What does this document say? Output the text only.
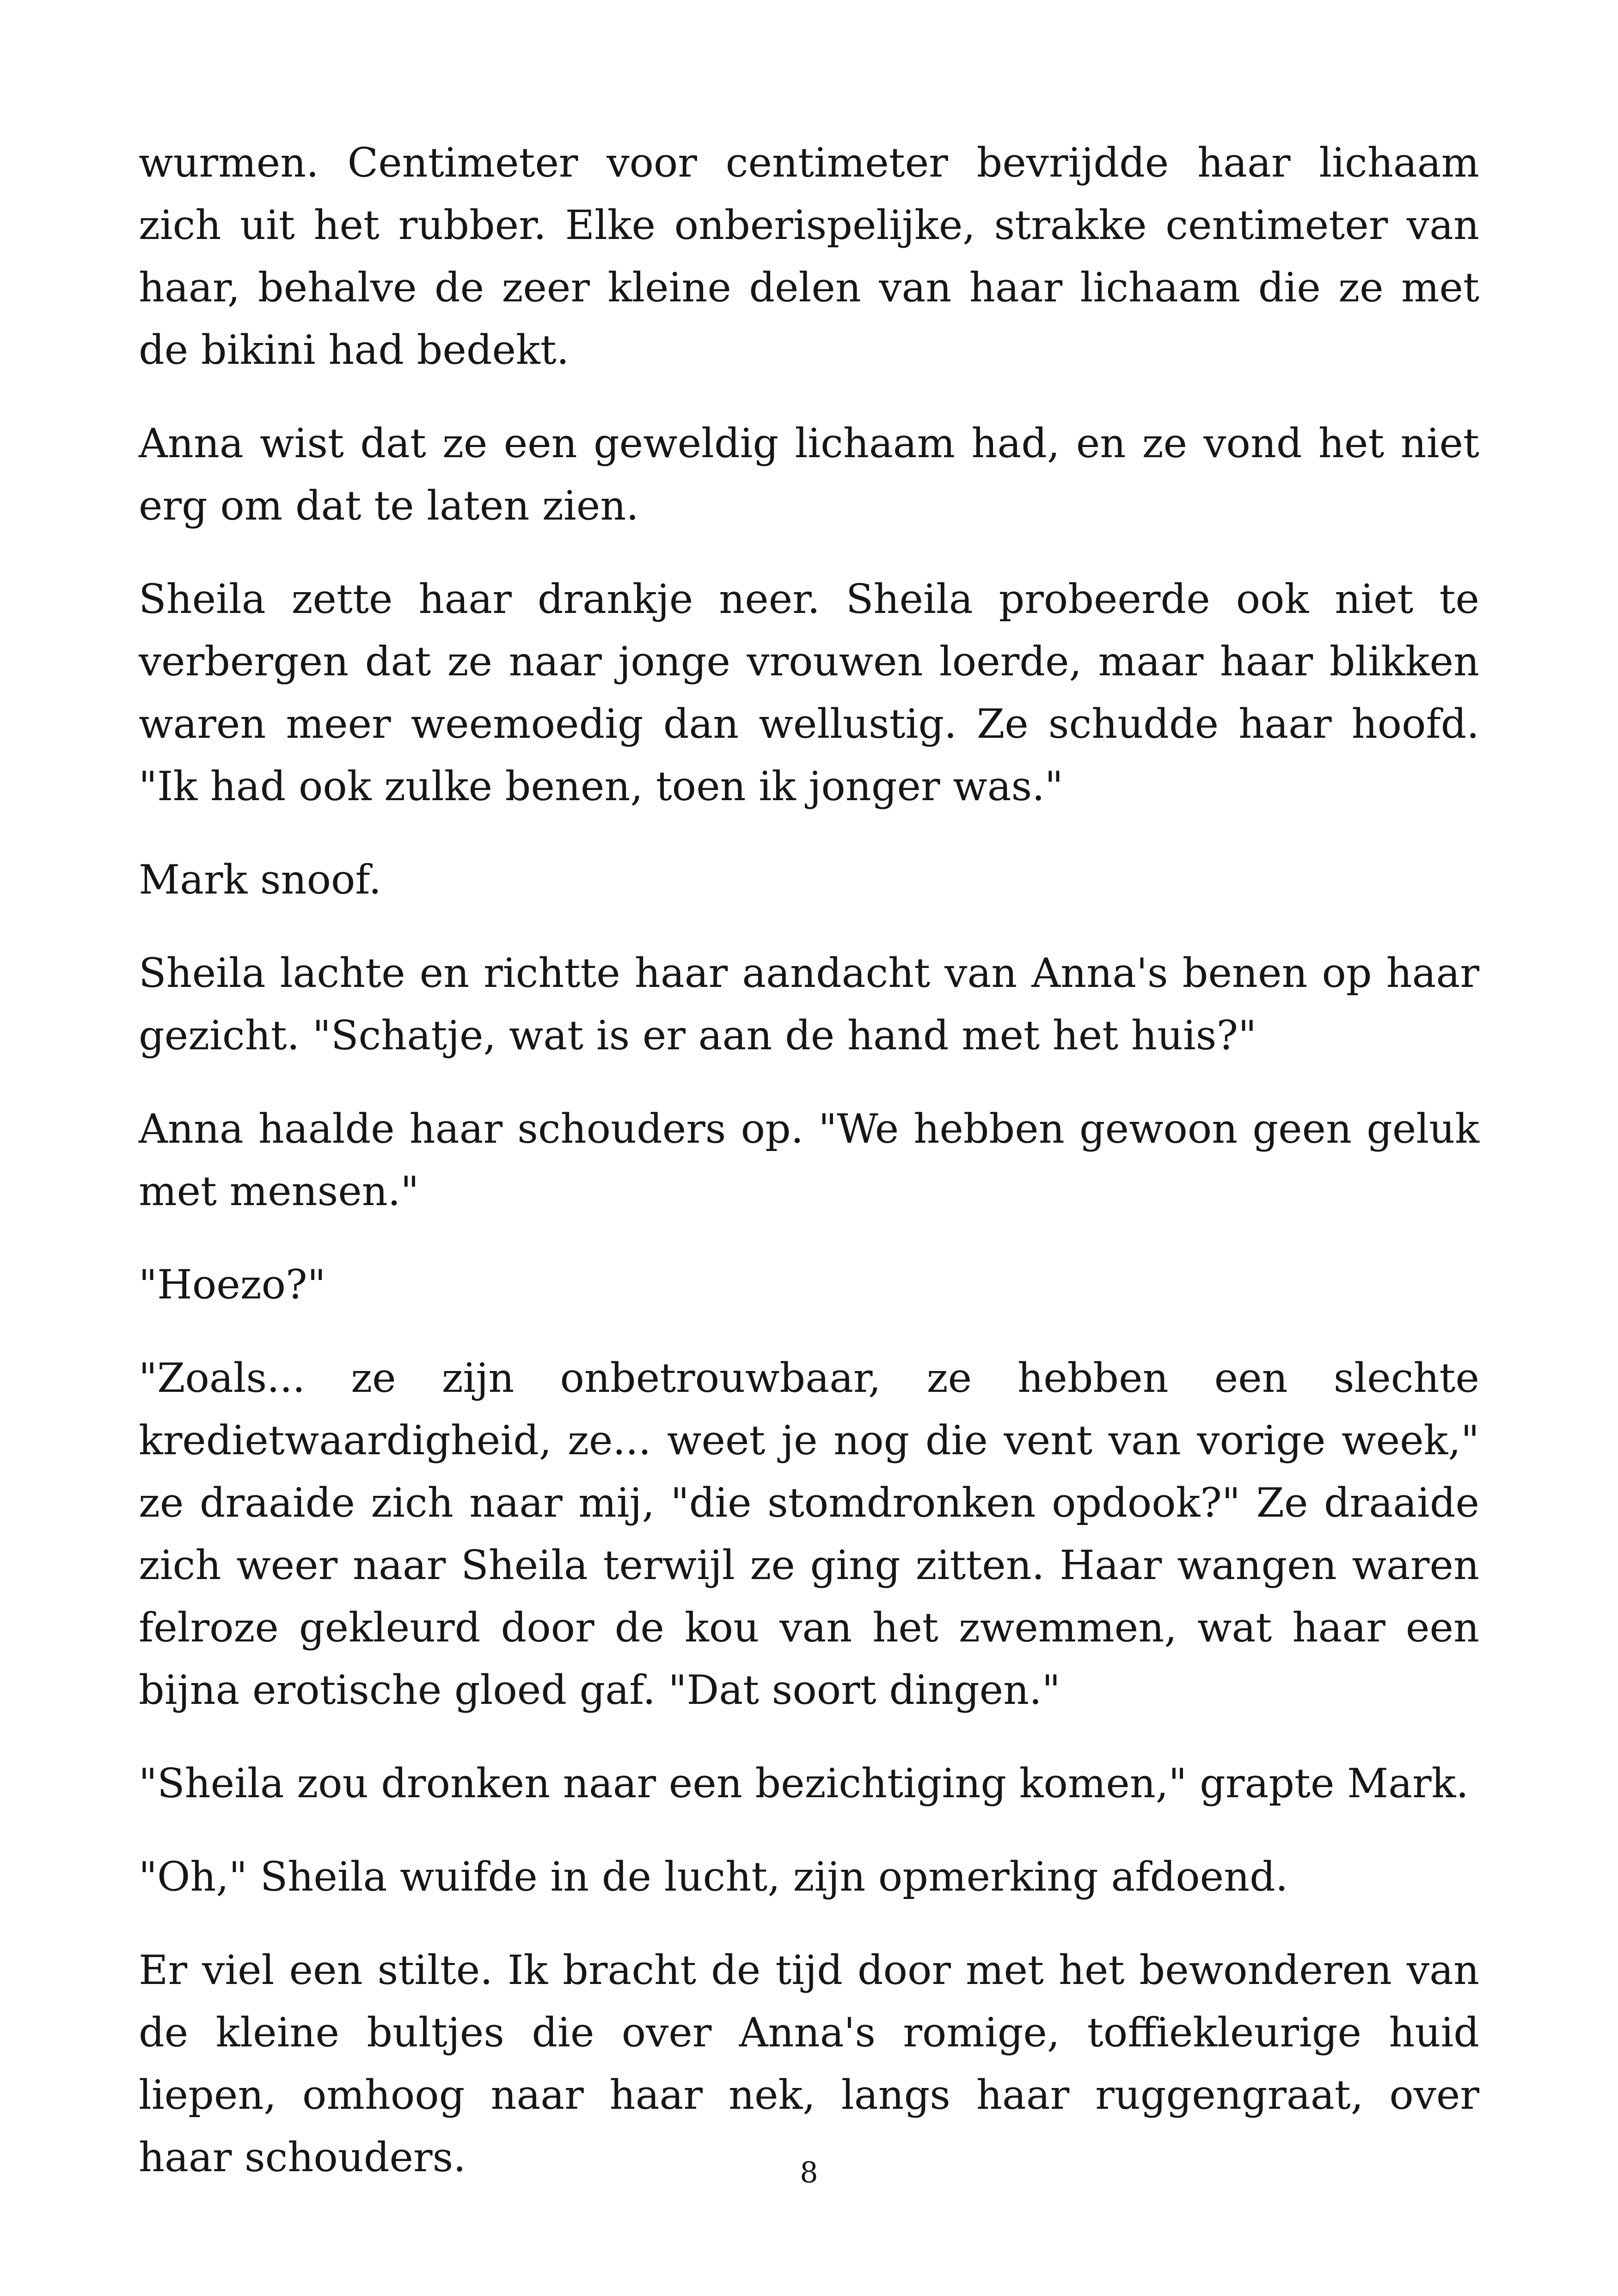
wurmen. Centimeter voor centimeter bevrijdde haar lichaam zich uit het rubber. Elke onberispelijke, strakke centimeter van haar, behalve de zeer kleine delen van haar lichaam die ze met de bikini had bedekt.

Anna wist dat ze een geweldig lichaam had, en ze vond het niet erg om dat te laten zien.

Sheila zette haar drankje neer. Sheila probeerde ook niet te verbergen dat ze naar jonge vrouwen loerde, maar haar blikken waren meer weemoedig dan wellustig. Ze schudde haar hoofd. "Ik had ook zulke benen, toen ik jonger was."

Mark snoof.

Sheila lachte en richtte haar aandacht van Anna's benen op haar gezicht. "Schatje, wat is er aan de hand met het huis?"

Anna haalde haar schouders op. "We hebben gewoon geen geluk met mensen."

"Hoezo?"

"Zoals... ze zijn onbetrouwbaar, ze hebben een slechte kredietwaardigheid, ze... weet je nog die vent van vorige week," ze draaide zich naar mij, "die stomdronken opdook?" Ze draaide zich weer naar Sheila terwijl ze ging zitten. Haar wangen waren felroze gekleurd door de kou van het zwemmen, wat haar een bijna erotische gloed gaf. "Dat soort dingen."

"Sheila zou dronken naar een bezichtiging komen," grapte Mark.

"Oh," Sheila wuifde in de lucht, zijn opmerking afdoend.

Er viel een stilte. Ik bracht de tijd door met het bewonderen van de kleine bultjes die over Anna's romige, toffiekleurige huid liepen, omhoog naar haar nek, langs haar ruggengraat, over haar schouders.	8
